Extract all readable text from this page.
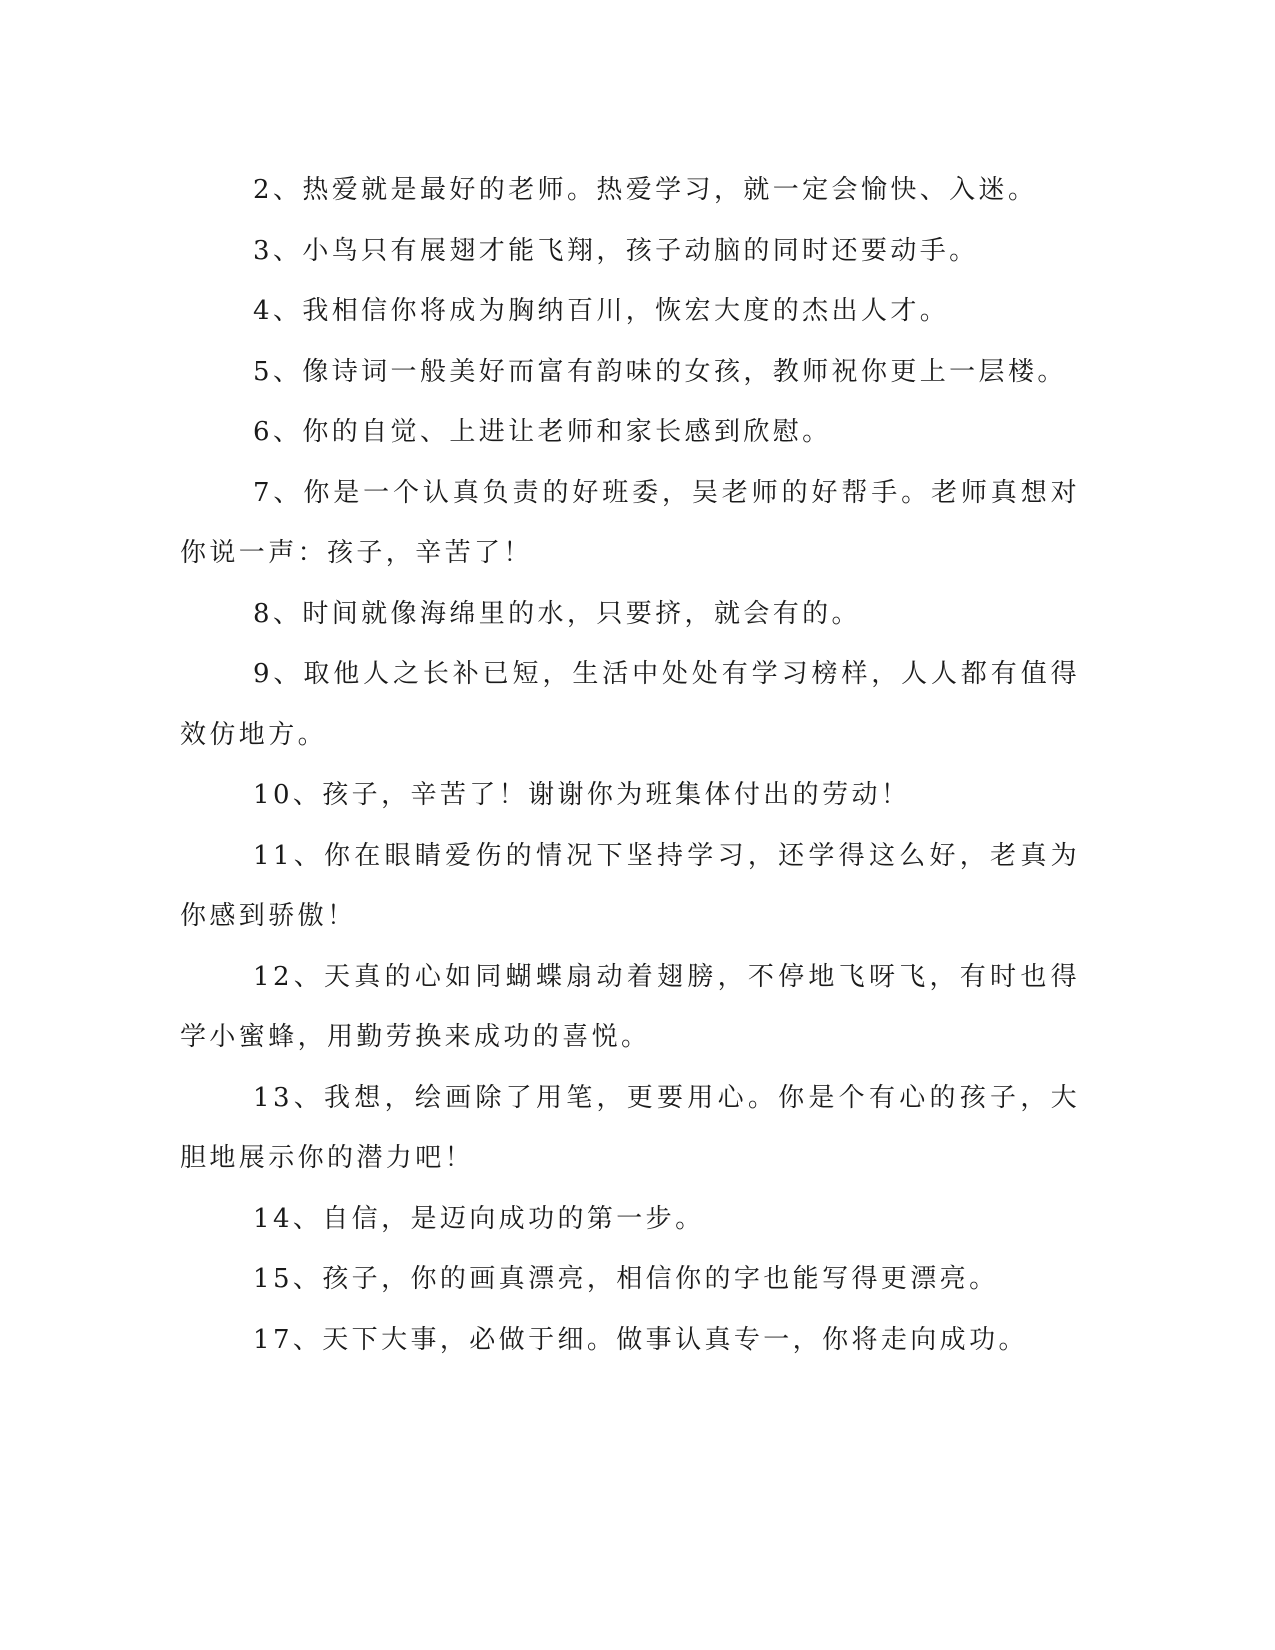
2、热爱就是最好的老师。热爱学习，就一定会愉快、入迷。

3、小鸟只有展翅才能飞翔，孩子动脑的同时还要动手。

4、我相信你将成为胸纳百川，恢宏大度的杰出人才。

5、像诗词一般美好而富有韵味的女孩，教师祝你更上一层楼。

6、你的自觉、上进让老师和家长感到欣慰。

7、你是一个认真负责的好班委，吴老师的好帮手。老师真想对你说一声：孩子，辛苦了！

8、时间就像海绵里的水，只要挤，就会有的。

9、取他人之长补已短，生活中处处有学习榜样，人人都有值得效仿地方。

10、孩子，辛苦了！谢谢你为班集体付出的劳动！

11、你在眼睛爱伤的情况下坚持学习，还学得这么好，老真为你感到骄傲！

12、天真的心如同蝴蝶扇动着翅膀，不停地飞呀飞，有时也得学小蜜蜂，用勤劳换来成功的喜悦。

13、我想，绘画除了用笔，更要用心。你是个有心的孩子，大胆地展示你的潜力吧！

14、自信，是迈向成功的第一步。

15、孩子，你的画真漂亮，相信你的字也能写得更漂亮。

17、天下大事，必做于细。做事认真专一，你将走向成功。
